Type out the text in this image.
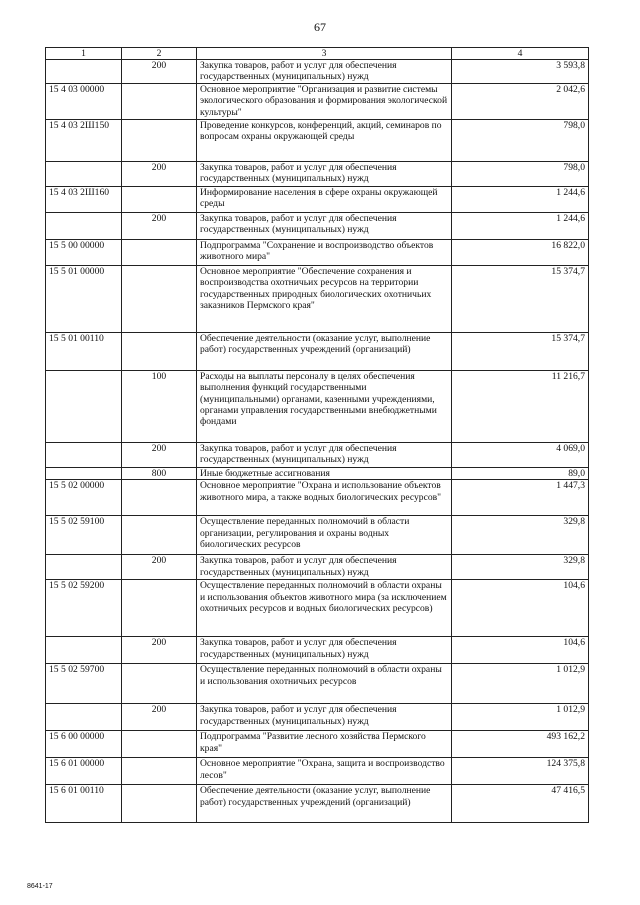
67
1	2	3	4
	200	Закупка товаров, работ и услуг для обеспечения государственных (муниципальных) нужд	3 593,8
15 4 03 00000		Основное мероприятие "Организация и развитие системы экологического образования и формирования экологической культуры"	2 042,6
15 4 03 2Ш150		Проведение конкурсов, конференций, акций, семинаров по вопросам охраны окружающей среды	798,0
	200	Закупка товаров, работ и услуг для обеспечения государственных (муниципальных) нужд	798,0
15 4 03 2Ш160		Информирование населения в сфере охраны окружающей среды	1 244,6
	200	Закупка товаров, работ и услуг для обеспечения государственных (муниципальных) нужд	1 244,6
15 5 00 00000		Подпрограмма "Сохранение и воспроизводство объектов животного мира"	16 822,0
15 5 01 00000		Основное мероприятие "Обеспечение сохранения и воспроизводства охотничьих ресурсов на территории государственных природных биологических охотничьих заказников Пермского края"	15 374,7
15 5 01 00110		Обеспечение деятельности (оказание услуг, выполнение работ) государственных учреждений (организаций)	15 374,7
	100	Расходы на выплаты персоналу в целях обеспечения выполнения функций государственными (муниципальными) органами, казенными учреждениями, органами управления государственными внебюджетными фондами	11 216,7
	200	Закупка товаров, работ и услуг для обеспечения государственных (муниципальных) нужд	4 069,0
	800	Иные бюджетные ассигнования	89,0
15 5 02 00000		Основное мероприятие "Охрана и использование объектов животного мира, а также водных биологических ресурсов"	1 447,3
15 5 02 59100		Осуществление переданных полномочий в области организации, регулирования и охраны водных биологических ресурсов	329,8
	200	Закупка товаров, работ и услуг для обеспечения государственных (муниципальных) нужд	329,8
15 5 02 59200		Осуществление переданных полномочий в области охраны и использования объектов животного мира (за исключением охотничьих ресурсов и водных биологических ресурсов)	104,6
	200	Закупка товаров, работ и услуг для обеспечения государственных (муниципальных) нужд	104,6
15 5 02 59700		Осуществление переданных полномочий в области охраны и использования охотничьих ресурсов	1 012,9
	200	Закупка товаров, работ и услуг для обеспечения государственных (муниципальных) нужд	1 012,9
15 6 00 00000		Подпрограмма "Развитие лесного хозяйства Пермского края"	493 162,2
15 6 01 00000		Основное мероприятие "Охрана, защита и воспроизводство лесов"	124 375,8
15 6 01 00110		Обеспечение деятельности (оказание услуг, выполнение работ) государственных учреждений (организаций)	47 416,5
8641-17
